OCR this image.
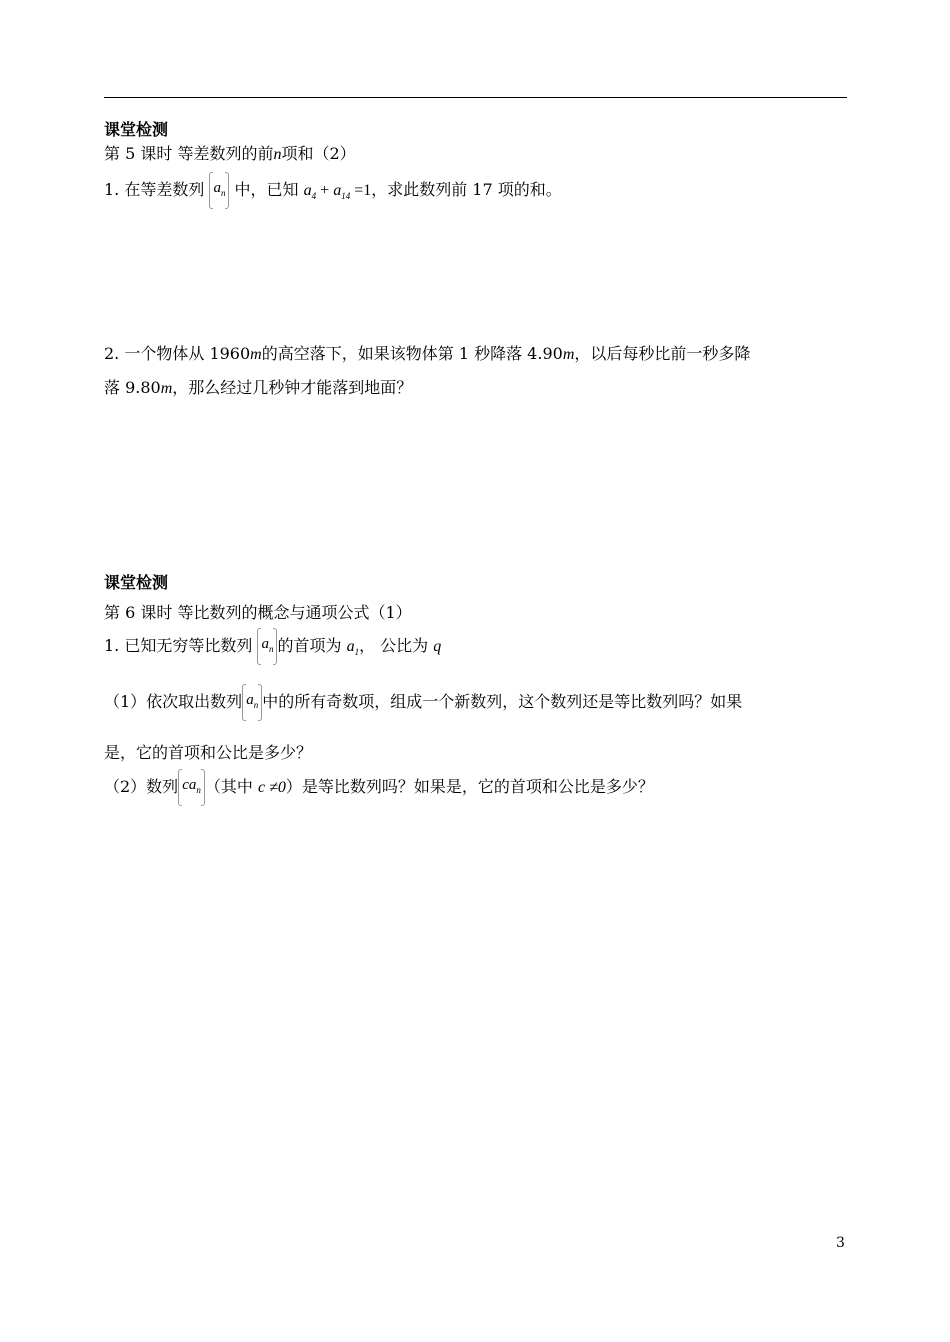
课堂检测
第 5 课时 等差数列的前n项和（2）
1. 在等差数列 $a_n$ 中，已知 $a_4 + a_{14} =1$，求此数列前 17 项的和。
2. 一个物体从 1960m的高空落下，如果该物体第 1 秒降落 4.90m，以后每秒比前一秒多降
落 9.80m，那么经过几秒钟才能落到地面？
课堂检测
第 6 课时 等比数列的概念与通项公式（1）
1. 已知无穷等比数列 $a_n$ 的首项为 $a_1$， 公比为 q
（1）依次取出数列 $a_n$ 中的所有奇数项，组成一个新数列，这个数列还是等比数列吗？如果
是，它的首项和公比是多少？
（2）数列 $ca_n$ （其中 c ≠0）是等比数列吗？如果是，它的首项和公比是多少？
3
